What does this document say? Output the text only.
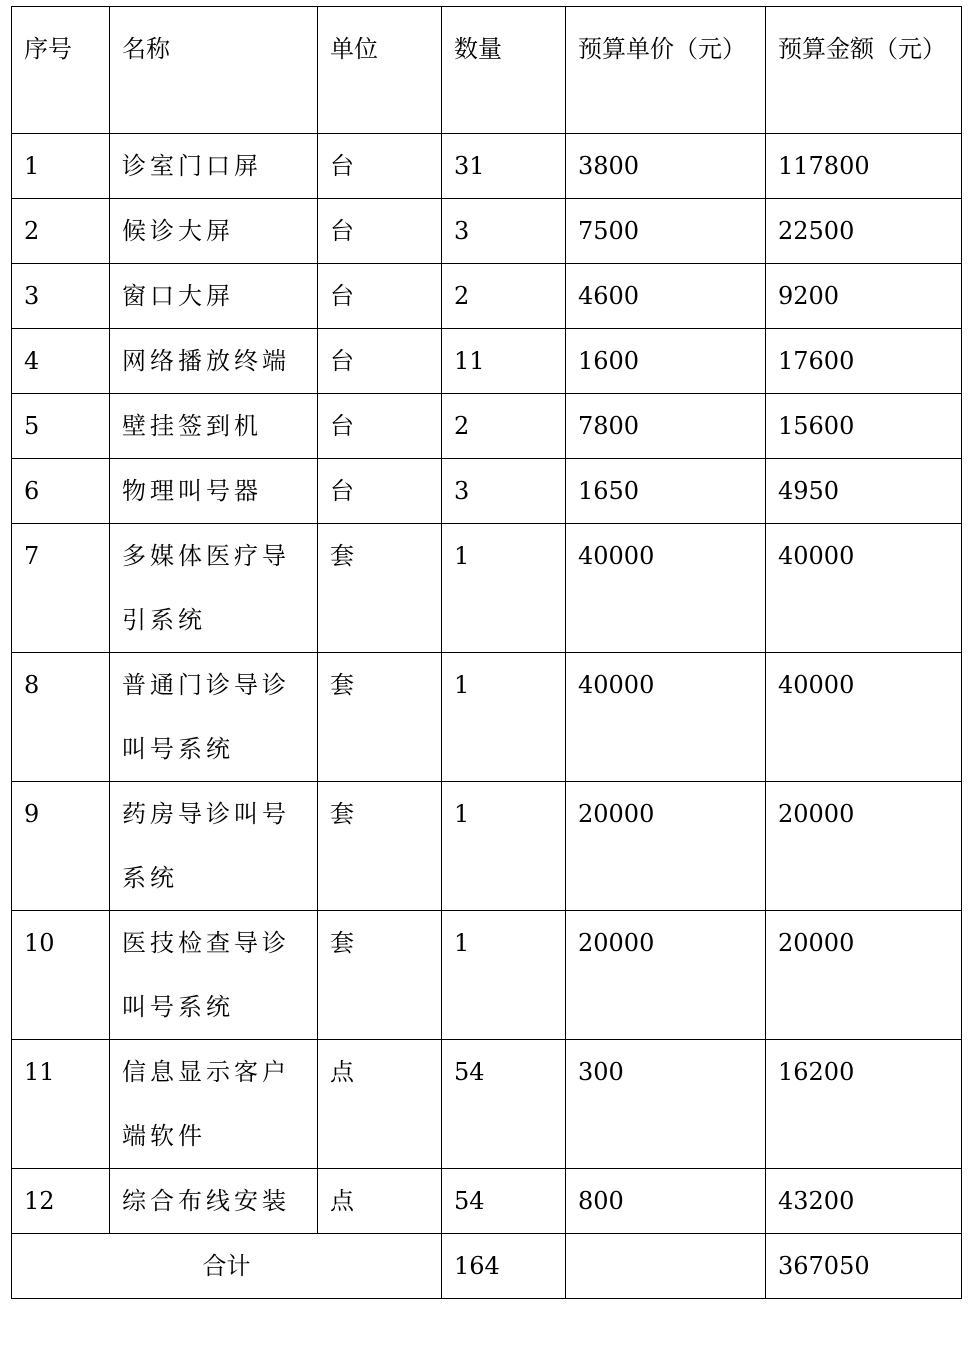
序号	名称	单位	数量	预算单价（元）	预算金额（元）
1	诊室门口屏	台	31	3800	117800
2	候诊大屏	台	3	7500	22500
3	窗口大屏	台	2	4600	9200
4	网络播放终端	台	11	1600	17600
5	壁挂签到机	台	2	7800	15600
6	物理叫号器	台	3	1650	4950
7	多媒体医疗导引系统	套	1	40000	40000
8	普通门诊导诊叫号系统	套	1	40000	40000
9	药房导诊叫号系统	套	1	20000	20000
10	医技检查导诊叫号系统	套	1	20000	20000
11	信息显示客户端软件	点	54	300	16200
12	综合布线安装	点	54	800	43200
合计			164		367050
